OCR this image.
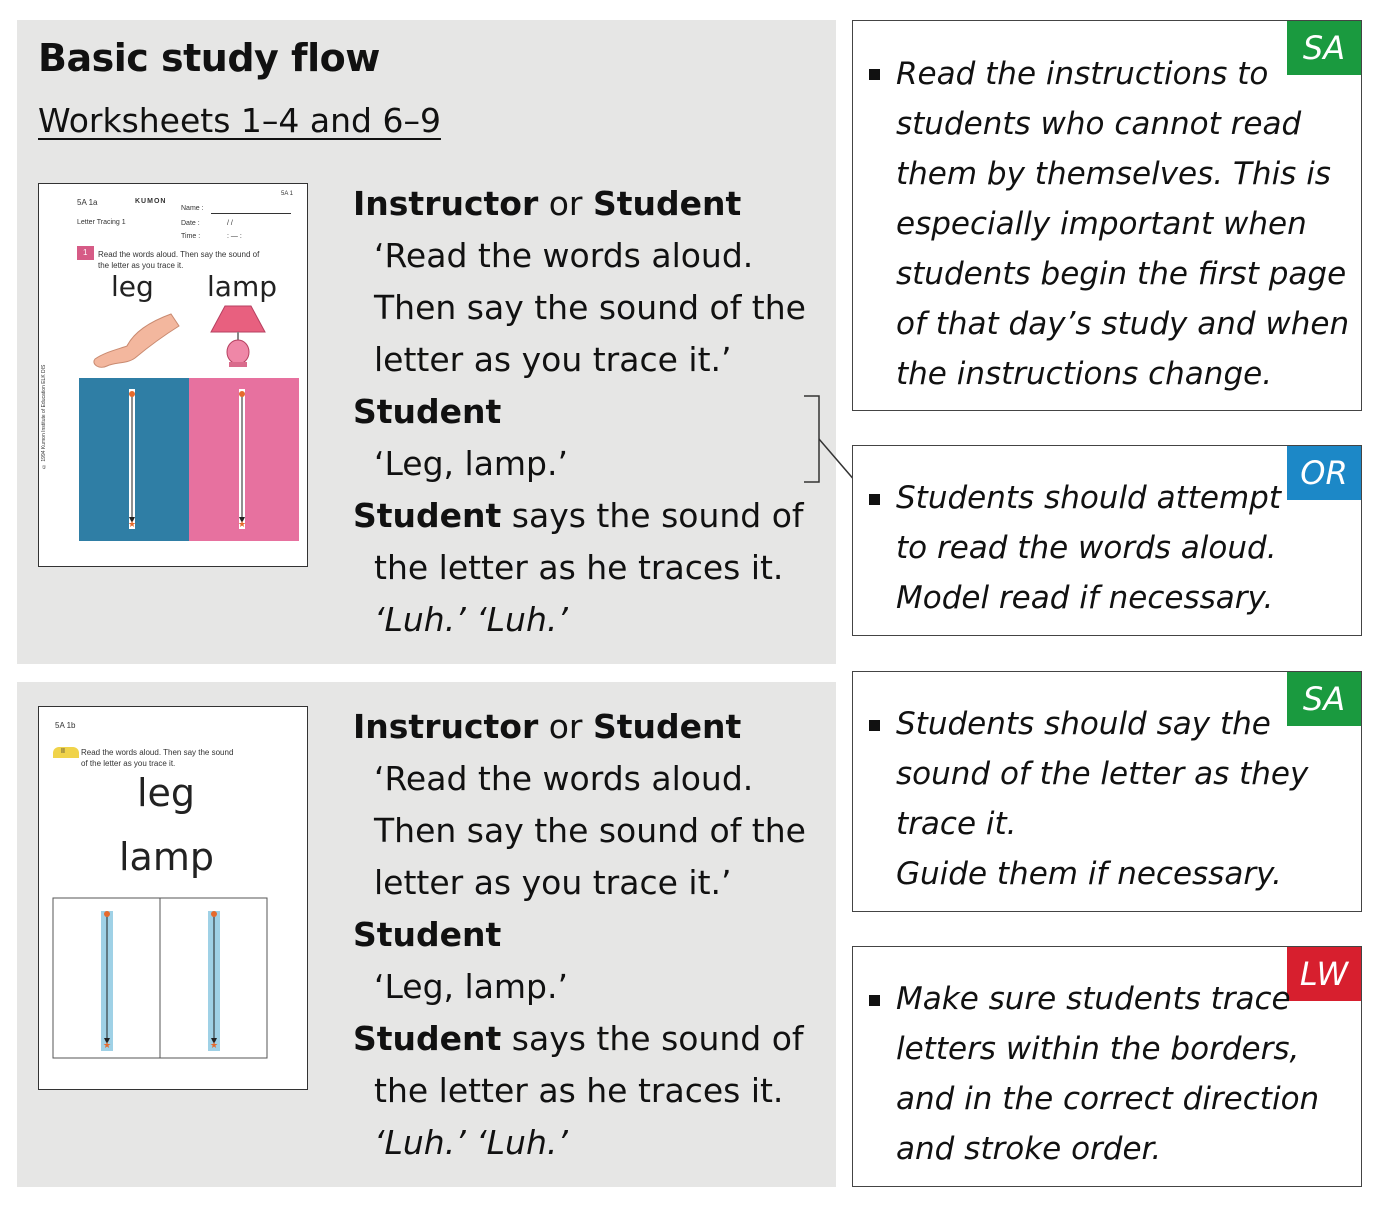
Basic study flow
Worksheets 1–4 and 6–9
5A 1a	KUMON
5A 1
Name :
Date :	/ /
Time :	: — :
Letter Tracing 1
1 Read the words aloud. Then say the sound of
the letter as you trace it.
© 1994 Kumon Institute of Education ELK DIS
leg lamp
★	★
5A 1b
II Read the words aloud. Then say the sound
of the letter as you trace it.
leg
lamp
★	★
Instructor or Student
‘Read the words aloud.
Then say the sound of the
letter as you trace it.’
Student
‘Leg, lamp.’
Student says the sound of
the letter as he traces it.
‘Luh.’ ‘Luh.’
Instructor or Student
‘Read the words aloud.
Then say the sound of the
letter as you trace it.’
Student
‘Leg, lamp.’
Student says the sound of
the letter as he traces it.
‘Luh.’ ‘Luh.’
SA
Read the instructions to
students who cannot read
them by themselves. This is
especially important when
students begin the first page
of that day’s study and when
the instructions change.
OR
Students should attempt
to read the words aloud.
Model read if necessary.
SA
Students should say the
sound of the letter as they
trace it.
Guide them if necessary.
LW
Make sure students trace
letters within the borders,
and in the correct direction
and stroke order.
